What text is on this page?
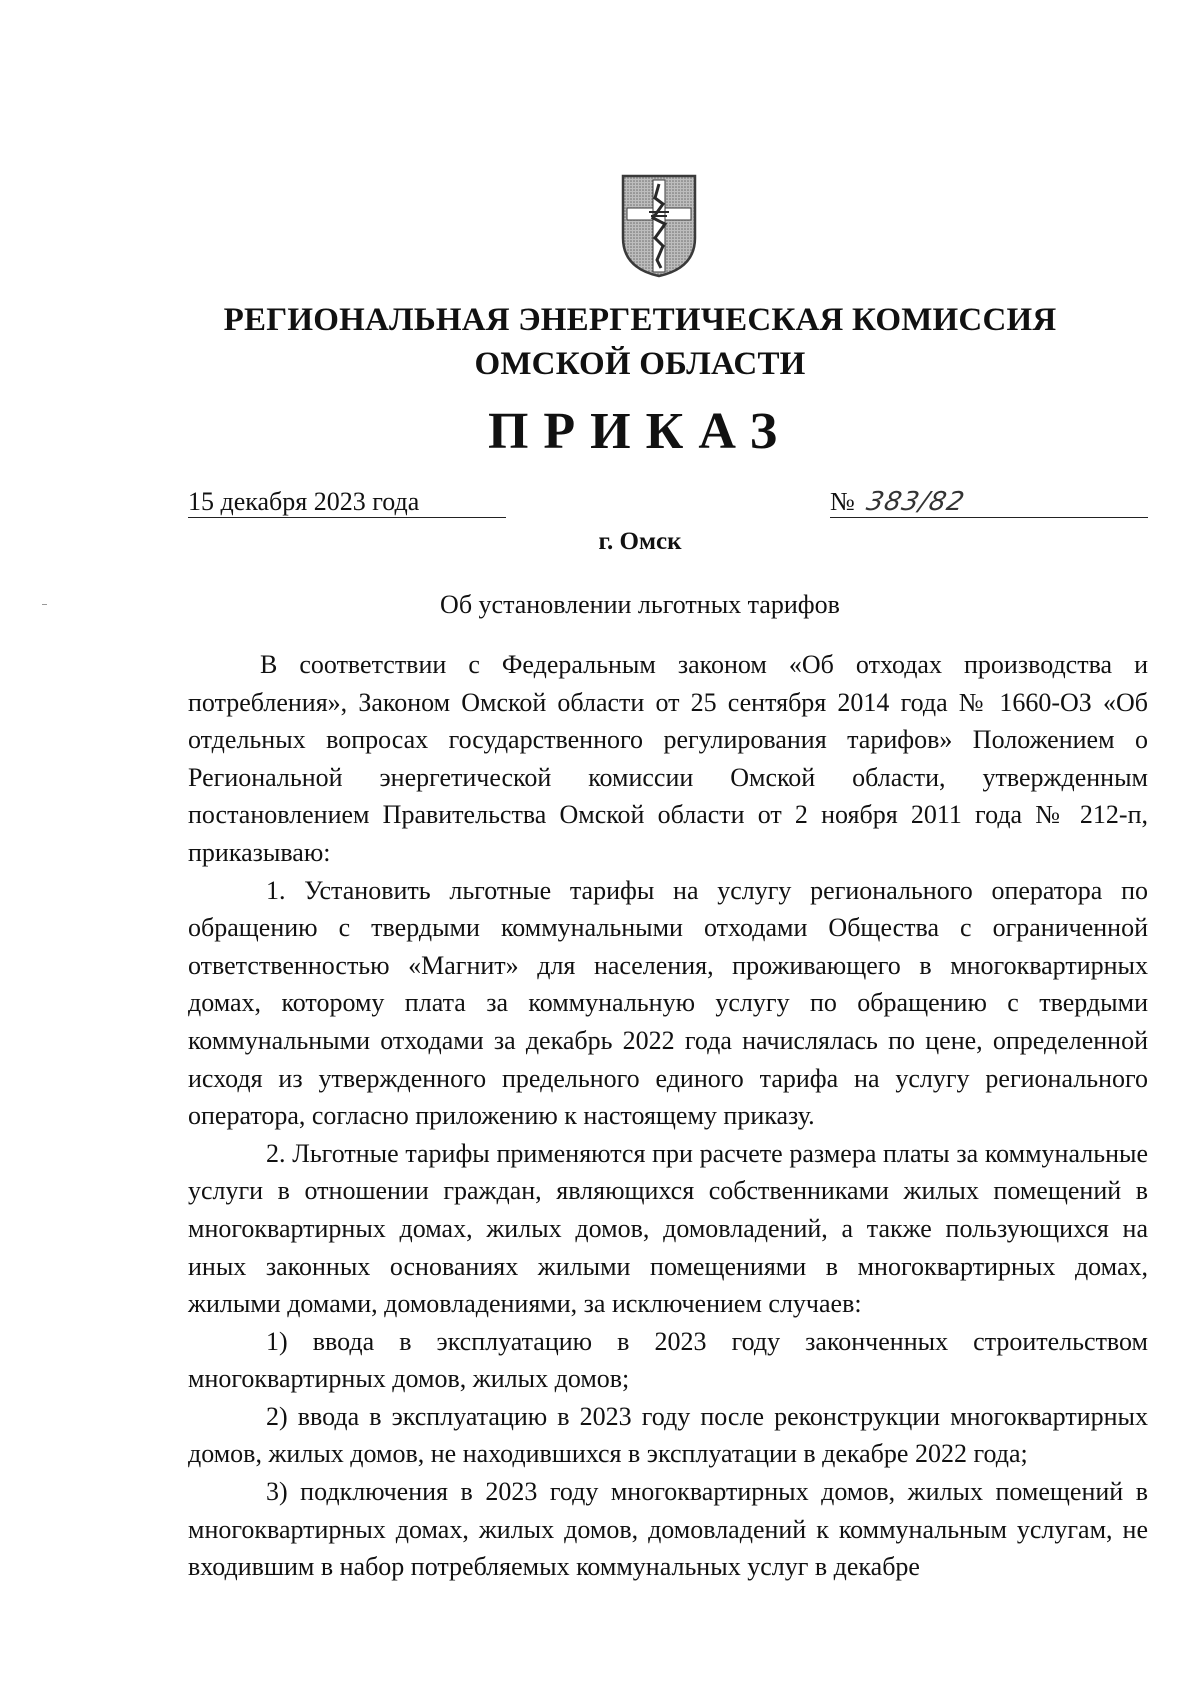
РЕГИОНАЛЬНАЯ ЭНЕРГЕТИЧЕСКАЯ КОМИССИЯ
ОМСКОЙ ОБЛАСТИ
ПРИКАЗ
15 декабря 2023 года	№ 383/82
г. Омск
Об установлении льготных тарифов

В соответствии с Федеральным законом «Об отходах производства и потребления», Законом Омской области от 25 сентября 2014 года № 1660-ОЗ «Об отдельных вопросах государственного регулирования тарифов» Положением о Региональной энергетической комиссии Омской области, утвержденным постановлением Правительства Омской области от 2 ноября 2011 года № 212-п, приказываю:

1. Установить льготные тарифы на услугу регионального оператора по обращению с твердыми коммунальными отходами Общества с ограниченной ответственностью «Магнит» для населения, проживающего в многоквартирных домах, которому плата за коммунальную услугу по обращению с твердыми коммунальными отходами за декабрь 2022 года начислялась по цене, определенной исходя из утвержденного предельного единого тарифа на услугу регионального оператора, согласно приложению к настоящему приказу.

2. Льготные тарифы применяются при расчете размера платы за коммунальные услуги в отношении граждан, являющихся собственниками жилых помещений в многоквартирных домах, жилых домов, домовладений, а также пользующихся на иных законных основаниях жилыми помещениями в многоквартирных домах, жилыми домами, домовладениями, за исключением случаев:

1) ввода в эксплуатацию в 2023 году законченных строительством многоквартирных домов, жилых домов;

2) ввода в эксплуатацию в 2023 году после реконструкции многоквартирных домов, жилых домов, не находившихся в эксплуатации в декабре 2022 года;

3) подключения в 2023 году многоквартирных домов, жилых помещений в многоквартирных домах, жилых домов, домовладений к коммунальным услугам, не входившим в набор потребляемых коммунальных услуг в декабре
